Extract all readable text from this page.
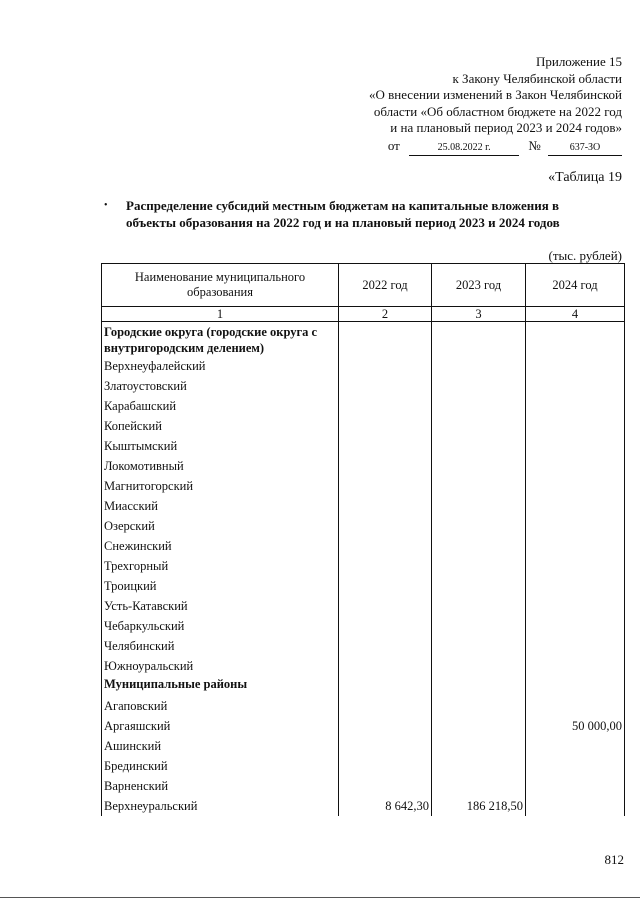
Приложение 15
к Закону Челябинской области
«О внесении изменений в Закон Челябинской
области «Об областном бюджете на 2022 год
и на плановый период 2023 и 2024 годов»
от	25.08.2022 г.	№	637-ЗО
«Таблица 19
• Распределение субсидий местным бюджетам на капитальные вложения в
объекты образования на 2022 год и на плановый период 2023 и 2024 годов
(тыс. рублей)
Наименование муниципального образования	2022 год	2023 год	2024 год
1	2	3	4
Городские округа (городские округа с внутригородским делением)			
Верхнеуфалейский			
Златоустовский			
Карабашский			
Копейский			
Кыштымский			
Локомотивный			
Магнитогорский			
Миасский			
Озерский			
Снежинский			
Трехгорный			
Троицкий			
Усть-Катавский			
Чебаркульский			
Челябинский			
Южноуральский			
Муниципальные районы			
Агаповский			
Аргаяшский			50 000,00
Ашинский			
Брединский			
Варненский			
Верхнеуральский	8 642,30	186 218,50	
812
